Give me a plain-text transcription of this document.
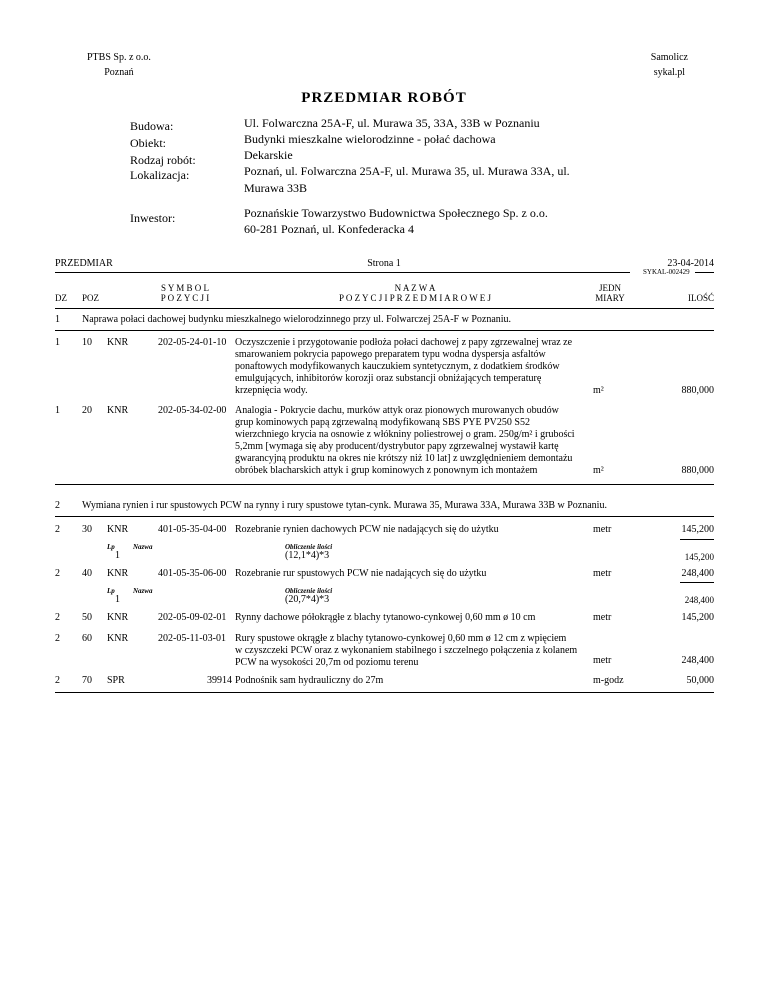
PTBS Sp. z o.o.
Poznań
Samolicz
sykal.pl
PRZEDMIAR ROBÓT
Budowa:	Ul. Folwarczna 25A-F, ul. Murawa 35, 33A, 33B w Poznaniu
Obiekt:	Budynki mieszkalne wielorodzinne - połać dachowa
Rodzaj robót:	Dekarskie
Lokalizacja:	Poznań, ul. Folwarczna 25A-F, ul. Murawa 35, ul. Murawa 33A, ul.
Murawa 33B
Inwestor:	Poznańskie Towarzystwo Budownictwa Społecznego Sp. z o.o.
60-281 Poznań, ul. Konfederacka 4
PRZEDMIAR	Strona 1	23-04-2014
SYKAL-002429
DZ POZ
S Y M B O L
P O Z Y C J I
N A Z W A
P O Z Y C J I P R Z E D M I A R O W E J
JEDN
MIARY	ILOŚĆ
1 Naprawa połaci dachowej budynku mieszkalnego wielorodzinnego przy ul. Folwarczej 25A-F w Poznaniu.
1 10 KNR	202-05-24-01-10 Oczyszczenie i przygotowanie podłoża połaci dachowej z papy zgrzewalnej wraz ze
smarowaniem pokrycia papowego preparatem typu wodna dyspersja asfaltów
ponaftowych modyfikowanych kauczukiem syntetycznym, z dodatkiem środków
emulgujących, inhibitorów korozji oraz substancji obniżających temperaturę
krzepnięcia wody.	m²	880,000
1 20 KNR	202-05-34-02-00 Analogia - Pokrycie dachu, murków attyk oraz pionowych murowanych obudów
grup kominowych papą zgrzewalną modyfikowaną SBS PYE PV250 S52
wierzchniego krycia na osnowie z włókniny poliestrowej o gram. 250g/m² i grubości
5,2mm [wymaga się aby producent/dystrybutor papy zgrzewalnej wystawił kartę
gwarancyjną produktu na okres nie krótszy niż 10 lat] z uwzględnieniem demontażu
obróbek blacharskich attyk i grup kominowych z ponownym ich montażem	m²	880,000
2 Wymiana rynien i rur spustowych PCW na rynny i rury spustowe tytan-cynk. Murawa 35, Murawa 33A, Murawa 33B w Poznaniu.
2 30 KNR	401-05-35-04-00 Rozebranie rynien dachowych PCW nie nadających się do użytku	metr	145,200
Lp	Nazwa	Obliczenie ilości
1	(12,1*4)*3	145,200
2 40 KNR	401-05-35-06-00 Rozebranie rur spustowych PCW nie nadających się do użytku	metr	248,400
Lp	Nazwa	Obliczenie ilości
1	(20,7*4)*3	248,400
2 50 KNR	202-05-09-02-01 Rynny dachowe półokrągłe z blachy tytanowo-cynkowej 0,60 mm ø 10 cm	metr	145,200
2 60 KNR	202-05-11-03-01 Rury spustowe okrągłe z blachy tytanowo-cynkowej 0,60 mm ø 12 cm z wpięciem
w czyszczeki PCW oraz z wykonaniem stabilnego i szczelnego połączenia z kolanem
PCW na wysokości 20,7m od poziomu terenu	metr	248,400
2 70 SPR	39914 Podnośnik sam hydrauliczny do 27m	m-godz	50,000
